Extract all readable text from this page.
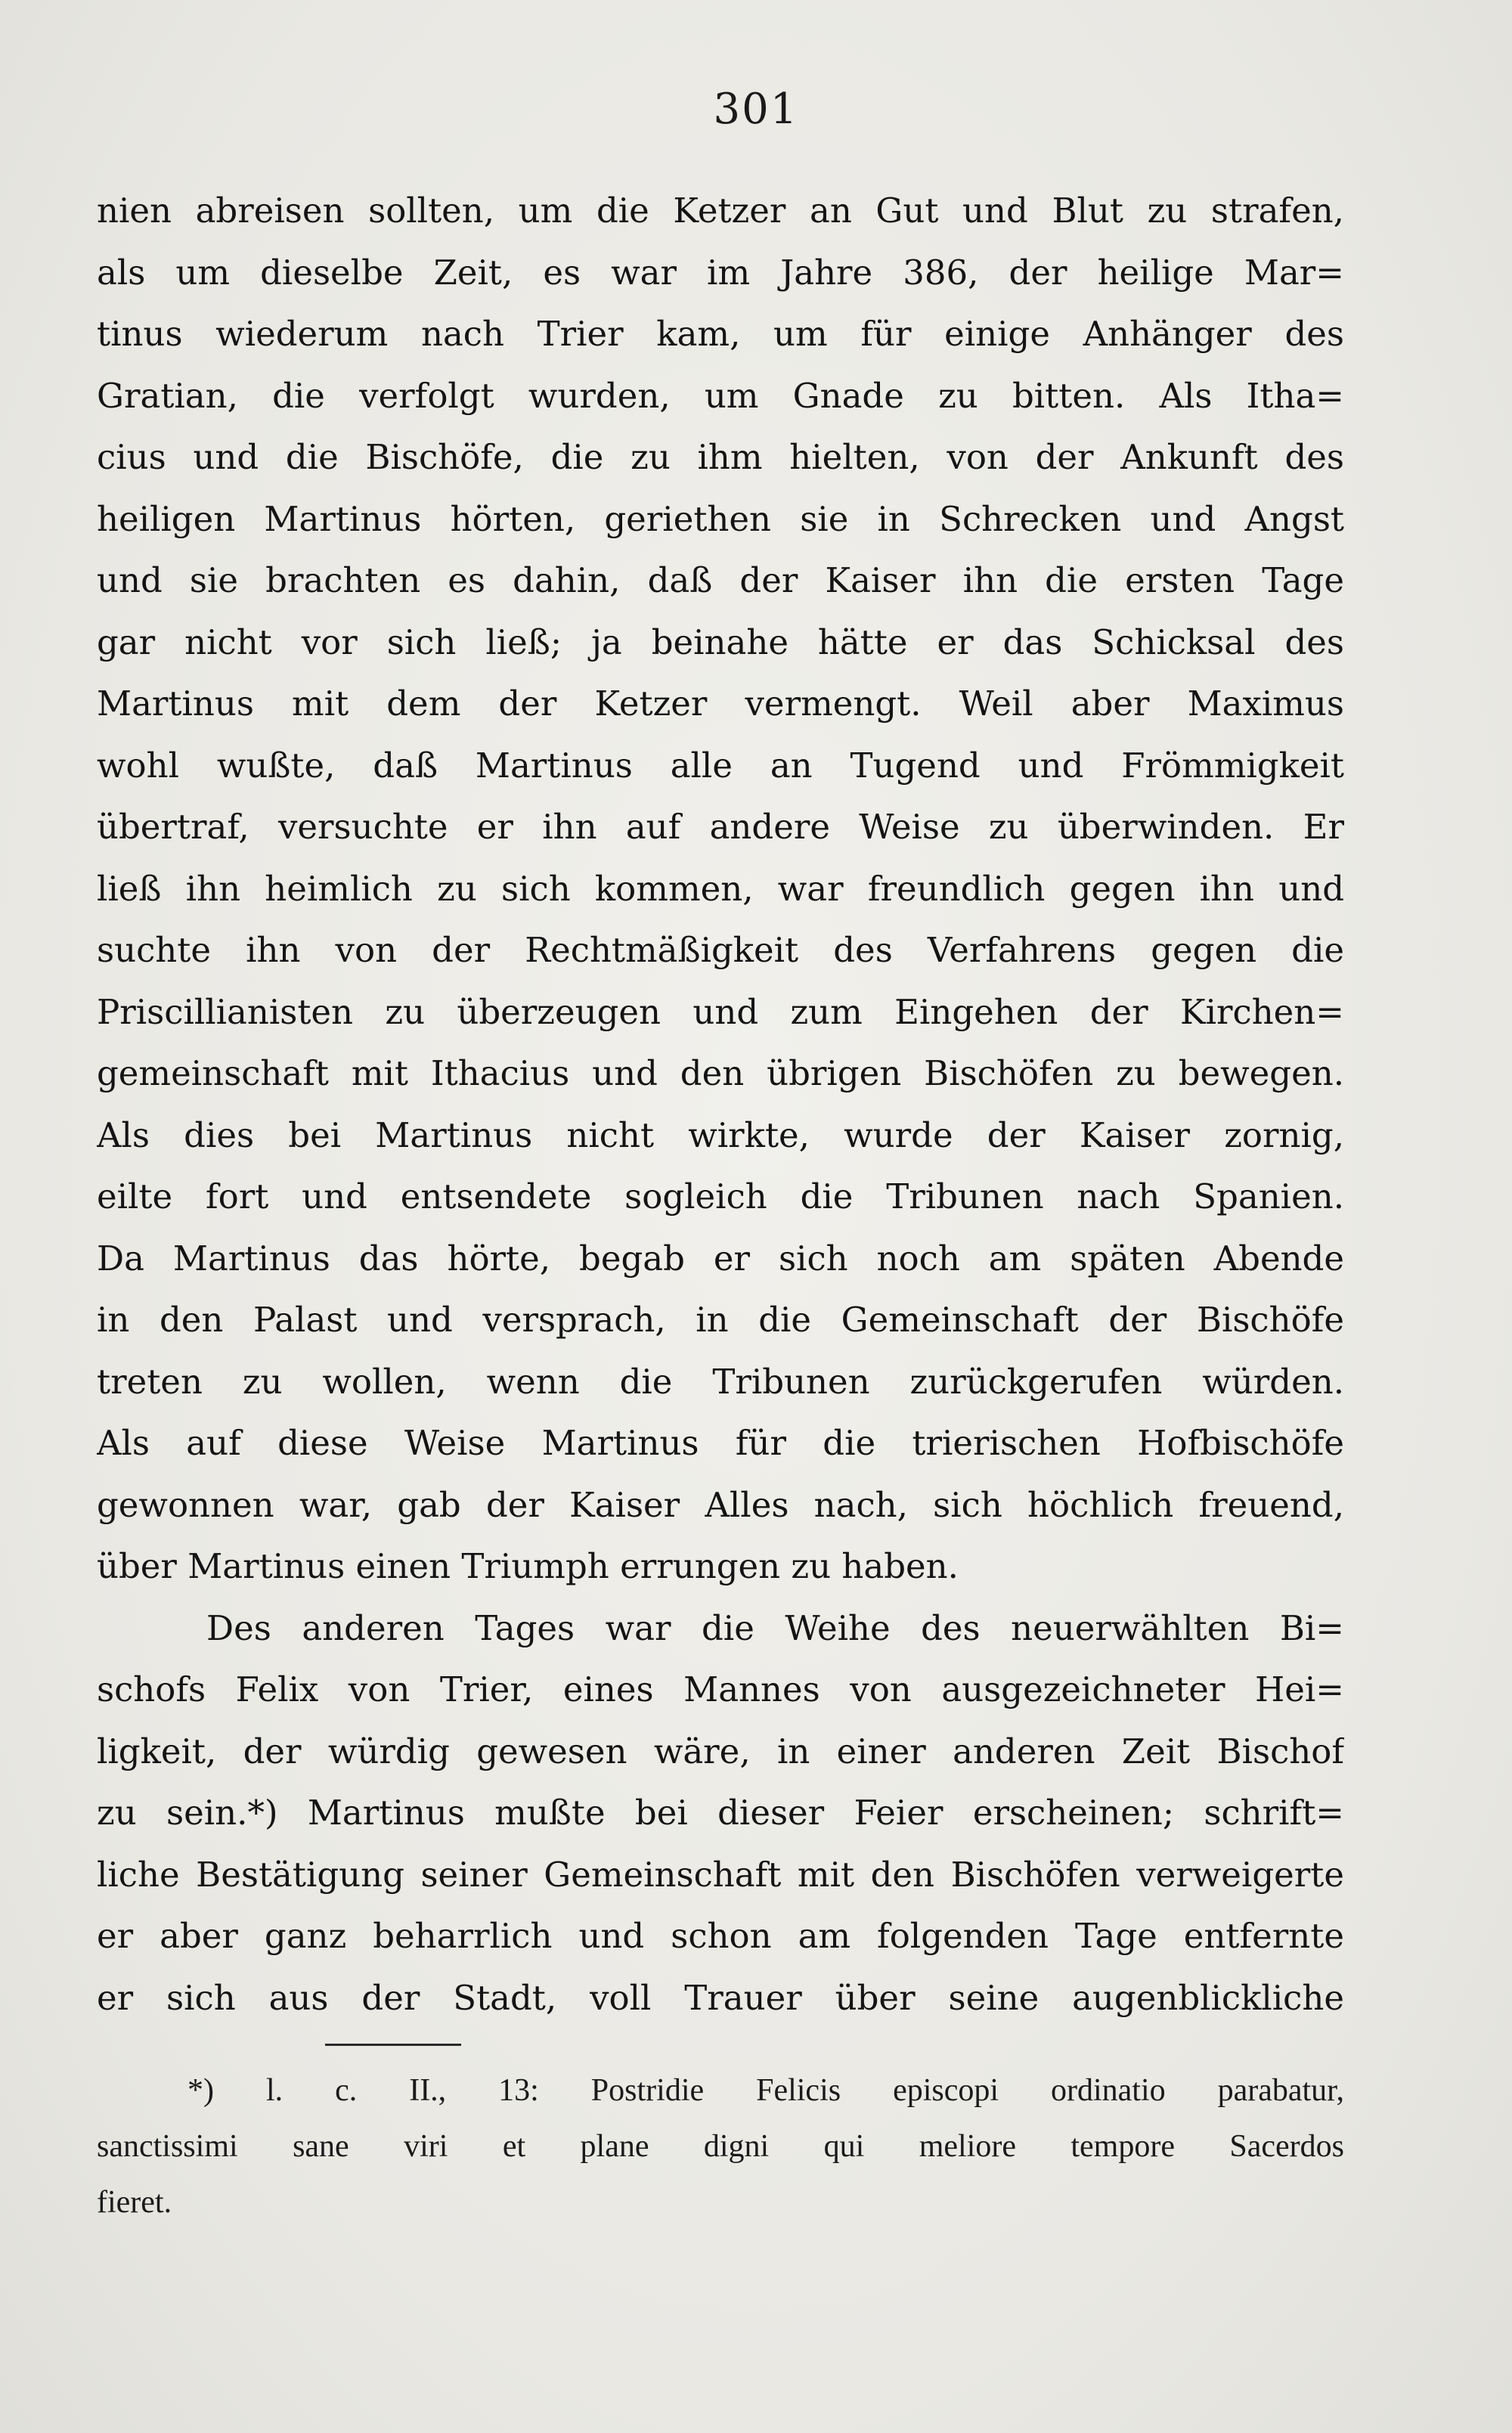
301
nien abreisen sollten, um die Ketzer an Gut und Blut zu strafen,
als um dieselbe Zeit, es war im Jahre 386, der heilige Mar=
tinus wiederum nach Trier kam, um für einige Anhänger des
Gratian, die verfolgt wurden, um Gnade zu bitten. Als Itha=
cius und die Bischöfe, die zu ihm hielten, von der Ankunft des
heiligen Martinus hörten, geriethen sie in Schrecken und Angst
und sie brachten es dahin, daß der Kaiser ihn die ersten Tage
gar nicht vor sich ließ; ja beinahe hätte er das Schicksal des
Martinus mit dem der Ketzer vermengt. Weil aber Maximus
wohl wußte, daß Martinus alle an Tugend und Frömmigkeit
übertraf, versuchte er ihn auf andere Weise zu überwinden. Er
ließ ihn heimlich zu sich kommen, war freundlich gegen ihn und
suchte ihn von der Rechtmäßigkeit des Verfahrens gegen die
Priscillianisten zu überzeugen und zum Eingehen der Kirchen=
gemeinschaft mit Ithacius und den übrigen Bischöfen zu bewegen.
Als dies bei Martinus nicht wirkte, wurde der Kaiser zornig,
eilte fort und entsendete sogleich die Tribunen nach Spanien.
Da Martinus das hörte, begab er sich noch am späten Abende
in den Palast und versprach, in die Gemeinschaft der Bischöfe
treten zu wollen, wenn die Tribunen zurückgerufen würden.
Als auf diese Weise Martinus für die trierischen Hofbischöfe
gewonnen war, gab der Kaiser Alles nach, sich höchlich freuend,
über Martinus einen Triumph errungen zu haben.
Des anderen Tages war die Weihe des neuerwählten Bi=
schofs Felix von Trier, eines Mannes von ausgezeichneter Hei=
ligkeit, der würdig gewesen wäre, in einer anderen Zeit Bischof
zu sein.*) Martinus mußte bei dieser Feier erscheinen; schrift=
liche Bestätigung seiner Gemeinschaft mit den Bischöfen verweigerte
er aber ganz beharrlich und schon am folgenden Tage entfernte
er sich aus der Stadt, voll Trauer über seine augenblickliche
*) l. c. II., 13: Postridie Felicis episcopi ordinatio parabatur,
sanctissimi sane viri et plane digni qui meliore tempore Sacerdos
fieret.
